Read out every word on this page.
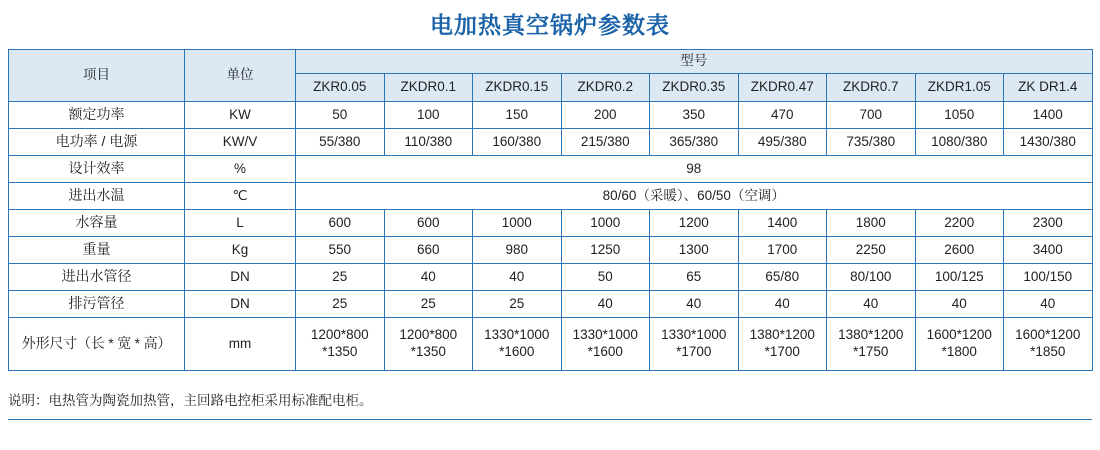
电加热真空锅炉参数表
项目	单位	型号								
		ZKR0.05	ZKDR0.1	ZKDR0.15	ZKDR0.2	ZKDR0.35	ZKDR0.47	ZKDR0.7	ZKDR1.05	ZK DR1.4
额定功率	KW	50	100	150	200	350	470	700	1050	1400
电功率 / 电源	KW/V	55/380	110/380	160/380	215/380	365/380	495/380	735/380	1080/380	1430/380
设计效率	%	98								
进出水温	℃	80/60（采暖）、60/50（空调）								
水容量	L	600	600	1000	1000	1200	1400	1800	2200	2300
重量	Kg	550	660	980	1250	1300	1700	2250	2600	3400
进出水管径	DN	25	40	40	50	65	65/80	80/100	100/125	100/150
排污管径	DN	25	25	25	40	40	40	40	40	40
外形尺寸（长 * 宽 * 高）	mm	1200*800
*1350	1200*800
*1350	1330*1000
*1600	1330*1000
*1600	1330*1000
*1700	1380*1200
*1700	1380*1200
*1750	1600*1200
*1800	1600*1200
*1850
说明：电热管为陶瓷加热管，主回路电控柜采用标准配电柜。
